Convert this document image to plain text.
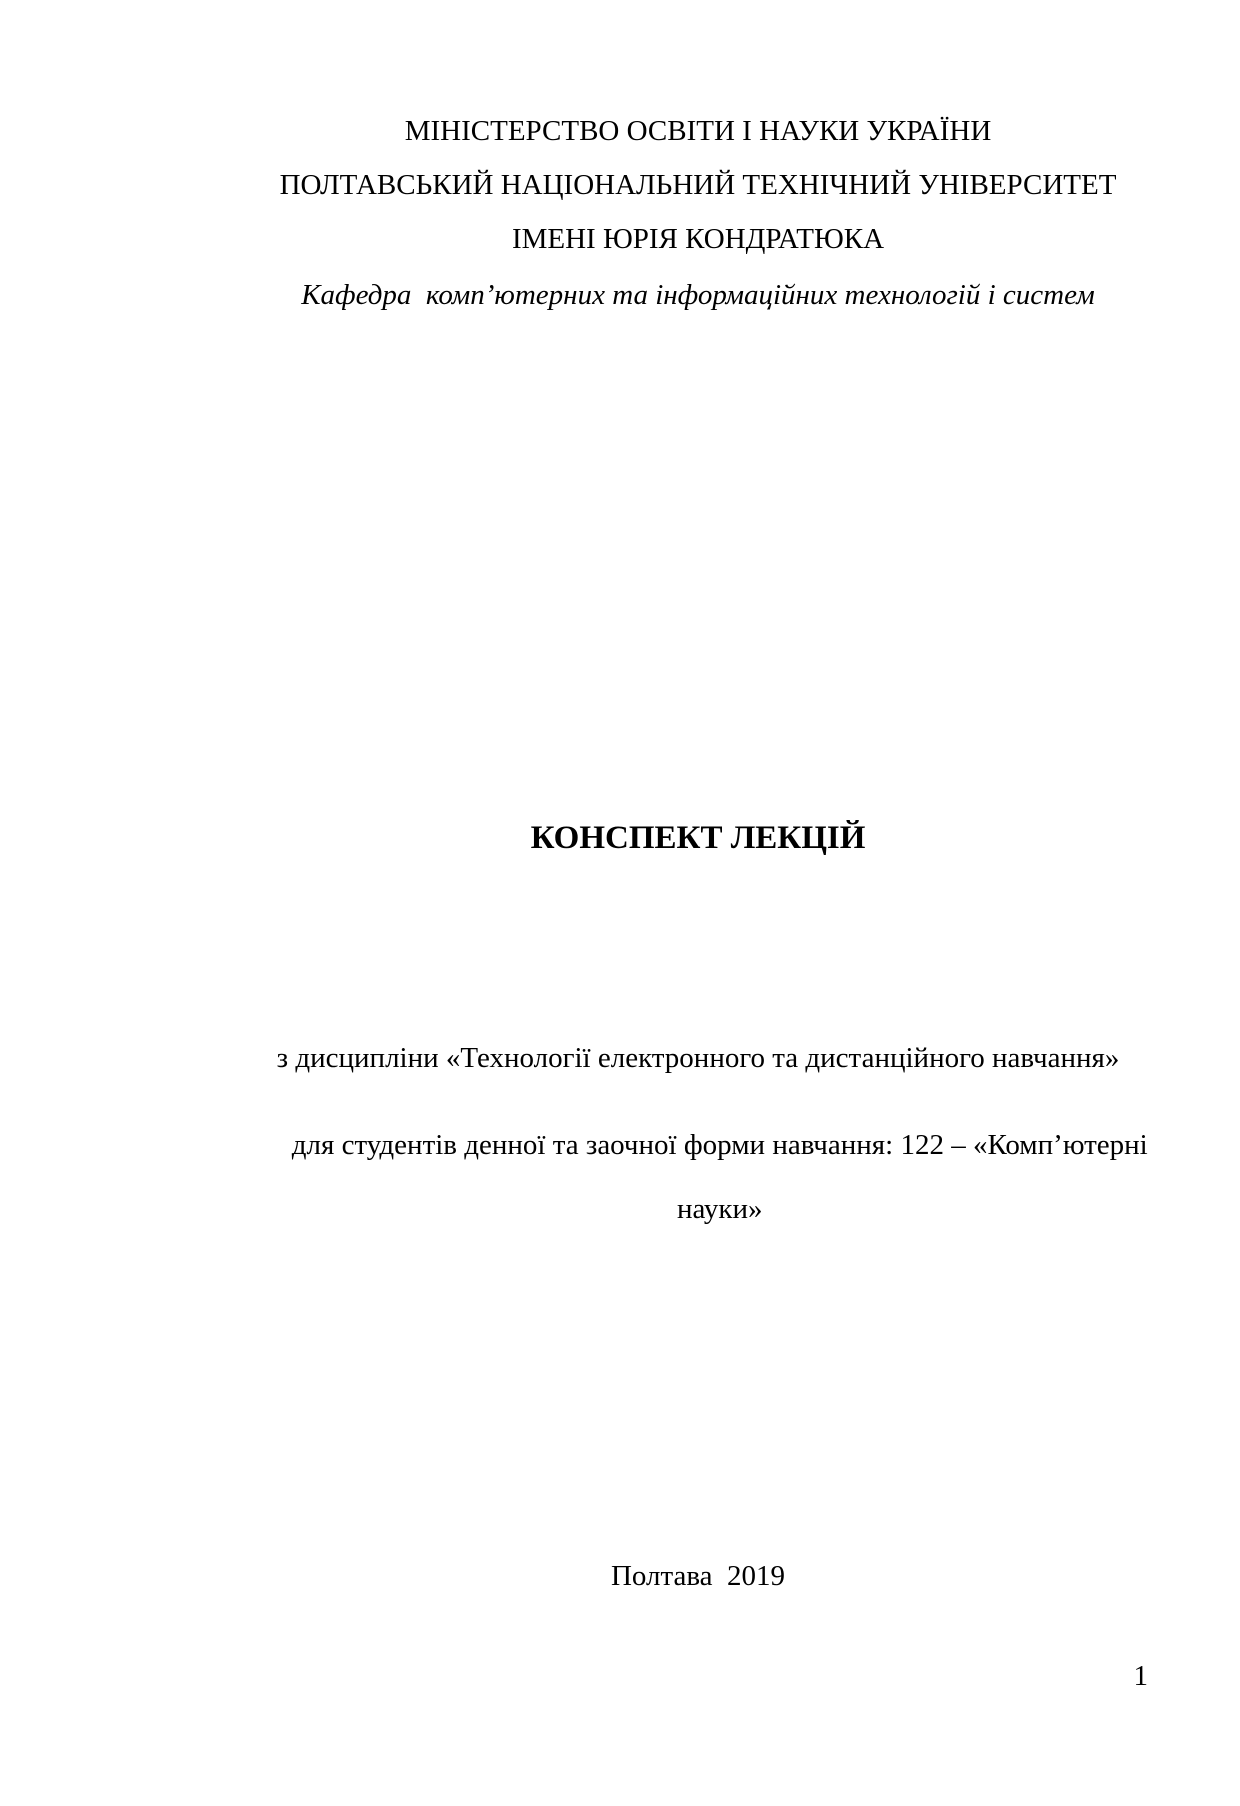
МІНІСТЕРСТВО ОСВІТИ І НАУКИ УКРАЇНИ
ПОЛТАВСЬКИЙ НАЦІОНАЛЬНИЙ ТЕХНІЧНИЙ УНІВЕРСИТЕТ
ІМЕНІ ЮРІЯ КОНДРАТЮКА
Кафедра  комп’ютерних та інформаційних технологій і систем
КОНСПЕКТ ЛЕКЦІЙ
з дисципліни «Технології електронного та дистанційного навчання»

для студентів денної та заочної форми навчання: 122 – «Комп’ютерні

науки»

Полтава  2019
1
